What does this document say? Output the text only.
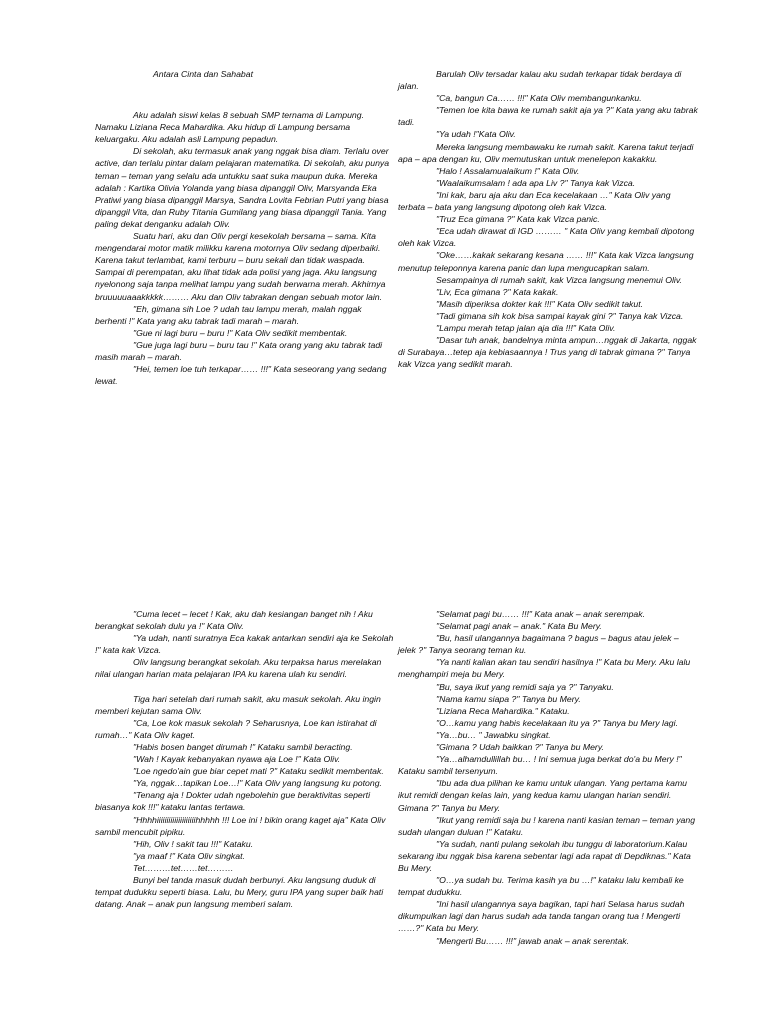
Antara Cinta dan Sahabat

Aku adalah siswi kelas 8 sebuah SMP ternama di Lampung. Namaku Liziana Reca Mahardika. Aku hidup di Lampung bersama keluargaku. Aku adalah asli Lampung pepadun.

Di sekolah, aku termasuk anak yang nggak bisa diam. Terlalu over active, dan terlalu pintar dalam pelajaran matematika. Di sekolah, aku punya teman – teman yang selalu ada untukku saat suka maupun duka. Mereka adalah : Kartika Olivia Yolanda yang biasa dipanggil Oliv, Marsyanda Eka Pratiwi yang biasa dipanggil Marsya, Sandra Lovita Febrian Putri yang biasa dipanggil Vita, dan Ruby Titania Gumilang yang biasa dipanggil Tania. Yang paling dekat denganku adalah Oliv.

Suatu hari, aku dan Oliv pergi kesekolah bersama – sama. Kita mengendarai motor matik milikku karena motornya Oliv sedang diperbaiki. Karena takut terlambat, kami terburu – buru sekali dan tidak waspada. Sampai di perempatan, aku lihat tidak ada polisi yang jaga. Aku langsung nyelonong saja tanpa melihat lampu yang sudah berwarna merah. Akhirnya bruuuuuaaakkkkk……… Aku dan Oliv tabrakan dengan sebuah motor lain.

"Eh, gimana sih Loe ? udah tau lampu merah, malah nggak berhenti !" Kata yang aku tabrak tadi marah – marah.

"Gue ni lagi buru – buru !" Kata Oliv sedikit membentak.

"Gue juga lagi buru – buru tau !" Kata orang yang aku tabrak tadi masih marah – marah.

"Hei, temen loe tuh terkapar…… !!!" Kata seseorang yang sedang lewat.

Barulah Oliv tersadar kalau aku sudah terkapar tidak berdaya di jalan.

"Ca, bangun Ca…… !!!" Kata Oliv membangunkanku.

"Temen loe kita bawa ke rumah sakit aja ya ?" Kata yang aku tabrak tadi.

"Ya udah !"Kata Oliv.

Mereka langsung membawaku ke rumah sakit. Karena takut terjadi apa – apa dengan ku, Oliv memutuskan untuk menelepon kakakku.

"Halo ! Assalamualaikum !" Kata Oliv.

"Waalaikumsalam ! ada apa Liv ?" Tanya kak Vizca.

"Ini kak, baru aja aku dan Eca kecelakaan …" Kata Oliv yang terbata – bata yang langsung dipotong oleh kak Vizca.

"Truz Eca gimana ?" Kata kak Vizca panic.

"Eca udah dirawat di IGD ……… " Kata Oliv yang kembali dipotong oleh kak Vizca.

"Oke……kakak sekarang kesana …… !!!" Kata kak Vizca langsung menutup teleponnya karena panic dan lupa mengucapkan salam.

Sesampainya di rumah sakit, kak Vizca langsung menemui Oliv.

"Liv, Eca gimana ?" Kata kakak.

"Masih diperiksa dokter kak !!!" Kata Oliv sedikit takut.

"Tadi gimana sih kok bisa sampai kayak gini ?" Tanya kak Vizca.

"Lampu merah tetap jalan aja dia !!!" Kata Oliv.

"Dasar tuh anak, bandelnya minta ampun…nggak di Jakarta, nggak di Surabaya…tetep aja kebiasaannya ! Trus yang di tabrak gimana ?" Tanya kak Vizca yang sedikit marah.

"Cuma lecet – lecet ! Kak, aku dah kesiangan banget nih ! Aku berangkat sekolah dulu ya !" Kata Oliv.

"Ya udah, nanti suratnya Eca kakak antarkan sendiri aja ke Sekolah !" kata kak Vizca.

Oliv langsung berangkat sekolah. Aku terpaksa harus merelakan nilai ulangan harian mata pelajaran IPA ku karena ulah ku sendiri.

Tiga hari setelah dari rumah sakit, aku masuk sekolah. Aku ingin memberi kejutan sama Oliv.

"Ca, Loe kok masuk sekolah ? Seharusnya, Loe kan istirahat di rumah…" Kata Oliv kaget.

"Habis bosen banget dirumah !" Kataku sambil beracting.

"Wah ! Kayak kebanyakan nyawa aja Loe !" Kata Oliv.

"Loe ngedo'ain gue biar cepet mati ?" Kataku sedikit membentak.

"Ya, nggak…tapikan Loe…!" Kata Oliv yang langsung ku potong.

"Tenang aja ! Dokter udah ngebolehin gue beraktivitas seperti biasanya kok !!!" kataku lantas tertawa.

"Hhhhiiiiiiiiiiiiiiiiiiiihhhhh !!! Loe ini ! bikin orang kaget aja" Kata Oliv sambil mencubit pipiku.

"Hih, Oliv ! sakit tau !!!" Kataku.

"ya maaf !" Kata Oliv singkat.

Tet………tet……tet………

Bunyi bel tanda masuk dudah berbunyi. Aku langsung duduk di tempat dudukku seperti biasa. Lalu, bu Mery, guru IPA yang super baik hati datang. Anak – anak pun langsung memberi salam.

"Selamat pagi bu…… !!!" Kata anak – anak serempak.

"Selamat pagi anak – anak." Kata Bu Mery.

"Bu, hasil ulangannya bagaimana ? bagus – bagus atau jelek – jelek ?" Tanya seorang teman ku.

"Ya nanti kalian akan tau sendiri hasilnya !" Kata bu Mery. Aku lalu menghampiri meja bu Mery.

"Bu, saya ikut yang remidi saja ya ?" Tanyaku.

"Nama kamu siapa ?" Tanya bu Mery.

"Liziana Reca Mahardika." Kataku.

"O…kamu yang habis kecelakaan itu ya ?" Tanya bu Mery lagi.

"Ya…bu… " Jawabku singkat.

"Gimana ? Udah baikkan ?" Tanya bu Mery.

"Ya…alhamdullillah bu… ! Ini semua juga berkat do'a bu Mery !" Kataku sambil tersenyum.

"Ibu ada dua pilihan ke kamu untuk ulangan. Yang pertama kamu ikut remidi dengan kelas lain, yang kedua kamu ulangan harian sendiri. Gimana ?" Tanya bu Mery.

"Ikut yang remidi saja bu ! karena nanti kasian teman – teman yang sudah ulangan duluan !" Kataku.

"Ya sudah, nanti pulang sekolah ibu tunggu di laboratorium.Kalau sekarang ibu nggak bisa karena sebentar lagi ada rapat di Depdiknas." Kata Bu Mery.

"O…ya sudah bu. Terima kasih ya bu …!" kataku lalu kembali ke tempat dudukku.

"Ini hasil ulangannya saya bagikan, tapi hari Selasa harus sudah dikumpulkan lagi dan harus sudah ada tanda tangan orang tua ! Mengerti ……?" Kata bu Mery.

"Mengerti Bu…… !!!" jawab anak – anak serentak.
